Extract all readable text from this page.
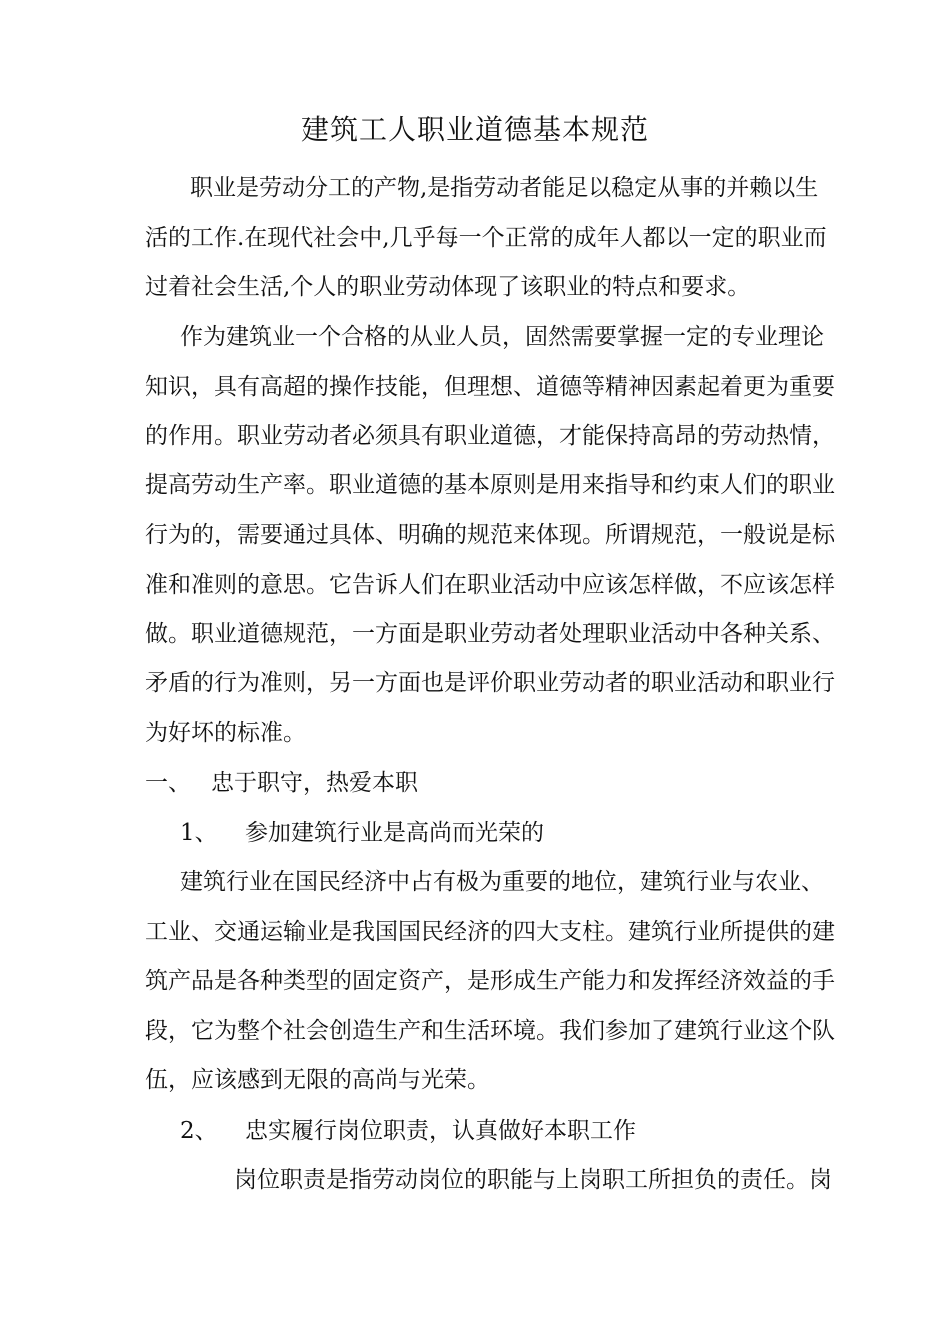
建筑工人职业道德基本规范
职业是劳动分工的产物,是指劳动者能足以稳定从事的并赖以生
活的工作.在现代社会中,几乎每一个正常的成年人都以一定的职业而
过着社会生活,个人的职业劳动体现了该职业的特点和要求。
作为建筑业一个合格的从业人员，固然需要掌握一定的专业理论
知识，具有高超的操作技能，但理想、道德等精神因素起着更为重要
的作用。职业劳动者必须具有职业道德，才能保持高昂的劳动热情，
提高劳动生产率。职业道德的基本原则是用来指导和约束人们的职业
行为的，需要通过具体、明确的规范来体现。所谓规范，一般说是标
准和准则的意思。它告诉人们在职业活动中应该怎样做，不应该怎样
做。职业道德规范，一方面是职业劳动者处理职业活动中各种关系、
矛盾的行为准则，另一方面也是评价职业劳动者的职业活动和职业行
为好坏的标准。
一、 忠于职守，热爱本职
1、 参加建筑行业是高尚而光荣的
建筑行业在国民经济中占有极为重要的地位，建筑行业与农业、
工业、交通运输业是我国国民经济的四大支柱。建筑行业所提供的建
筑产品是各种类型的固定资产，是形成生产能力和发挥经济效益的手
段，它为整个社会创造生产和生活环境。我们参加了建筑行业这个队
伍，应该感到无限的高尚与光荣。
2、 忠实履行岗位职责，认真做好本职工作
岗位职责是指劳动岗位的职能与上岗职工所担负的责任。岗
